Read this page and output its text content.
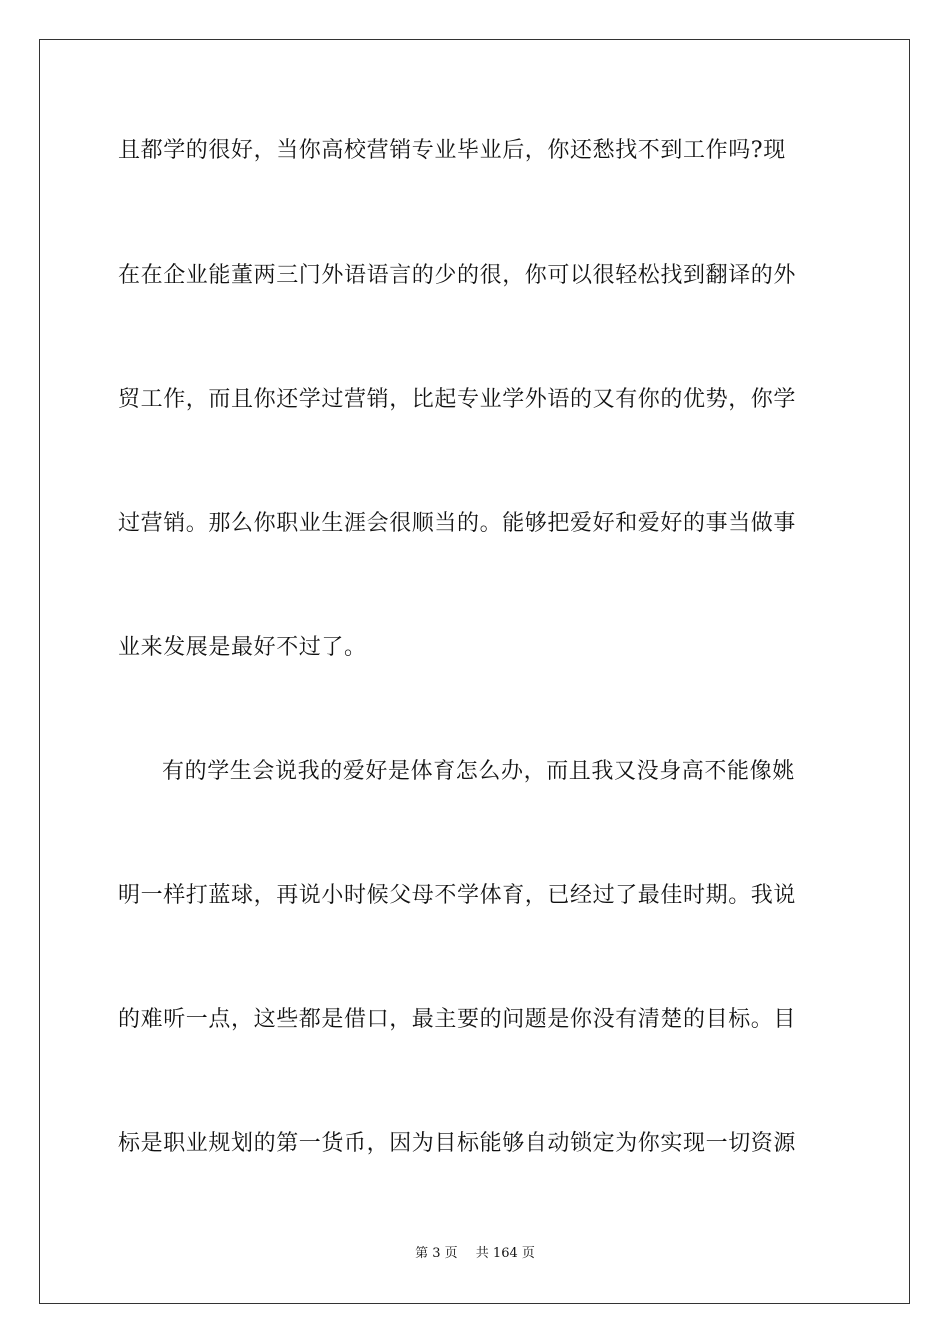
且都学的很好，当你高校营销专业毕业后，你还愁找不到工作吗?现
在在企业能董两三门外语语言的少的很，你可以很轻松找到翻译的外
贸工作，而且你还学过营销，比起专业学外语的又有你的优势，你学
过营销。那么你职业生涯会很顺当的。能够把爱好和爱好的事当做事
业来发展是最好不过了。
有的学生会说我的爱好是体育怎么办，而且我又没身高不能像姚
明一样打蓝球，再说小时候父母不学体育，已经过了最佳时期。我说
的难听一点，这些都是借口，最主要的问题是你没有清楚的目标。目
标是职业规划的第一货币，因为目标能够自动锁定为你实现一切资源
第 3 页 共 164 页
